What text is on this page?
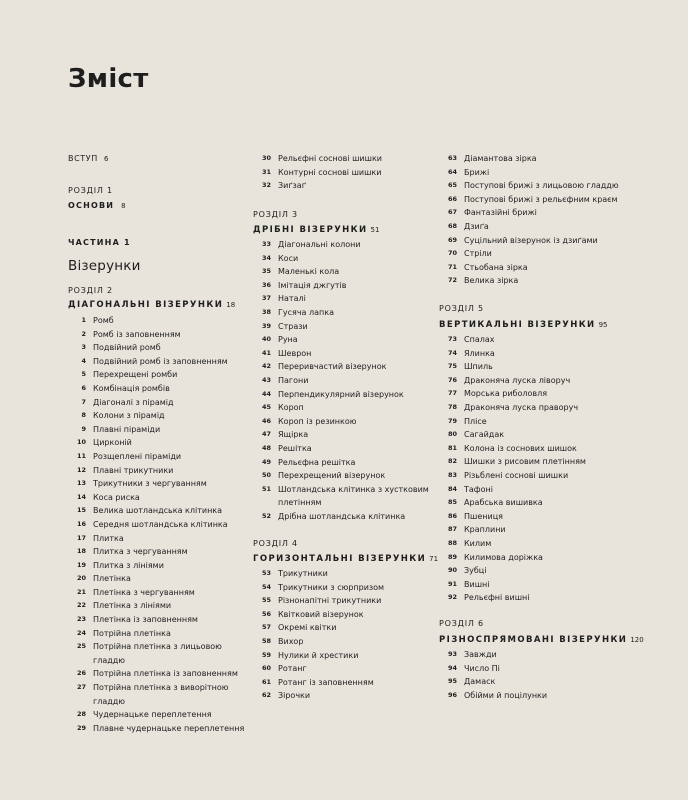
Зміст
ВСТУП 6
РОЗДІЛ 1
ОСНОВИ 8
ЧАСТИНА 1
Візерунки
РОЗДІЛ 2
ДІАГОНАЛЬНІ ВІЗЕРУНКИ 18
1 Ромб
2 Ромб із заповненням
3 Подвійний ромб
4 Подвійний ромб із заповненням
5 Перехрещені ромби
6 Комбінація ромбів
7 Діагоналі з пірамід
8 Колони з пірамід
9 Плавні піраміди
10 Цирконій
11 Розщеплені піраміди
12 Плавні трикутники
13 Трикутники з чергуванням
14 Коса риска
15 Велика шотландська клітинка
16 Середня шотландська клітинка
17 Плитка
18 Плитка з чергуванням
19 Плитка з лініями
20 Плетінка
21 Плетінка з чергуванням
22 Плетінка з лініями
23 Плетінка із заповненням
24 Потрійна плетінка
25 Потрійна плетінка з лицьовою гладдю
26 Потрійна плетінка із заповненням
27 Потрійна плетінка з виворітною гладдю
28 Чудернацьке переплетення
29 Плавне чудернацьке переплетення
30 Рельєфні соснові шишки
31 Контурні соснові шишки
32 Зиґзаґ
РОЗДІЛ 3
ДРІБНІ ВІЗЕРУНКИ 51
33 Діагональні колони
34 Коси
35 Маленькі кола
36 Імітація джгутів
37 Наталі
38 Гусяча лапка
39 Стрази
40 Руна
41 Шеврон
42 Переривчастий візерунок
43 Пагони
44 Перпендикулярний візерунок
45 Короп
46 Короп із резинкою
47 Ящірка
48 Решітка
49 Рельєфна решітка
50 Перехрещений візерунок
51 Шотландська клітинка з хустковим плетінням
52 Дрібна шотландська клітинка
РОЗДІЛ 4
ГОРИЗОНТАЛЬНІ ВІЗЕРУНКИ 71
53 Трикутники
54 Трикутники з сюрпризом
55 Різнонапітні трикутники
56 Квітковий візерунок
57 Окремі квітки
58 Вихор
59 Нулики й хрестики
60 Ротанг
61 Ротанг із заповненням
62 Зірочки
63 Діамантова зірка
64 Брижі
65 Поступові брижі з лицьовою гладдю
66 Поступові брижі з рельєфним краєм
67 Фантазійні брижі
68 Дзиґа
69 Суцільний візерунок із дзиґами
70 Стріли
71 Стьобана зірка
72 Велика зірка
РОЗДІЛ 5
ВЕРТИКАЛЬНІ ВІЗЕРУНКИ 95
73 Спалах
74 Ялинка
75 Шпиль
76 Драконяча луска ліворуч
77 Морська риболовля
78 Драконяча луска праворуч
79 Плісе
80 Сагайдак
81 Колона із соснових шишок
82 Шишки з рисовим плетінням
83 Різьблені соснові шишки
84 Тафоні
85 Арабська вишивка
86 Пшениця
87 Краплини
88 Килим
89 Килимова доріжка
90 Зубці
91 Вишні
92 Рельєфні вишні
РОЗДІЛ 6
РІЗНОСПРЯМОВАНІ ВІЗЕРУНКИ 120
93 Завжди
94 Число Пі
95 Дамаск
96 Обійми й поцілунки
